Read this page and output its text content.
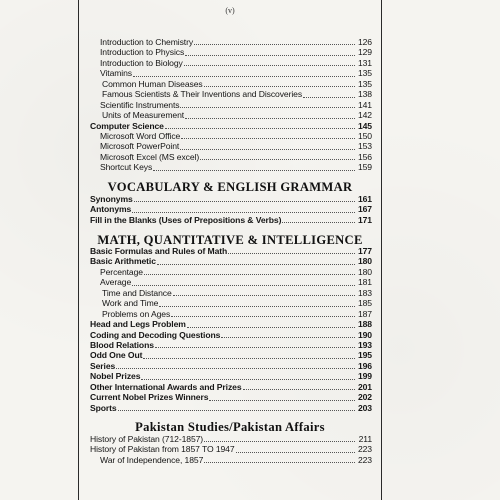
(v)
Introduction to Chemistry	126
Introduction to Physics	129
Introduction to Biology	131
Vitamins	135
Common Human Diseases	135
Famous Scientists & Their Inventions and Discoveries	138
Scientific Instruments	141
Units of Measurement	142
Computer Science	145
Microsoft Word Office	150
Microsoft PowerPoint	153
Microsoft Excel (MS excel)	156
Shortcut Keys	159
VOCABULARY & ENGLISH GRAMMAR
Synonyms	161
Antonyms	167
Fill in the Blanks (Uses of Prepositions & Verbs)	171
MATH, QUANTITATIVE & INTELLIGENCE
Basic Formulas and Rules of Math	177
Basic Arithmetic	180
Percentage	180
Average	181
Time and Distance	183
Work and Time	185
Problems on Ages	187
Head and Legs Problem	188
Coding and Decoding Questions	190
Blood Relations	193
Odd One Out	195
Series	196
Nobel Prizes	199
Other International Awards and Prizes	201
Current Nobel Prizes Winners	202
Sports	203
Pakistan Studies/Pakistan Affairs
History of Pakistan (712-1857)	211
History of Pakistan from 1857 TO 1947	223
War of Independence, 1857	223
